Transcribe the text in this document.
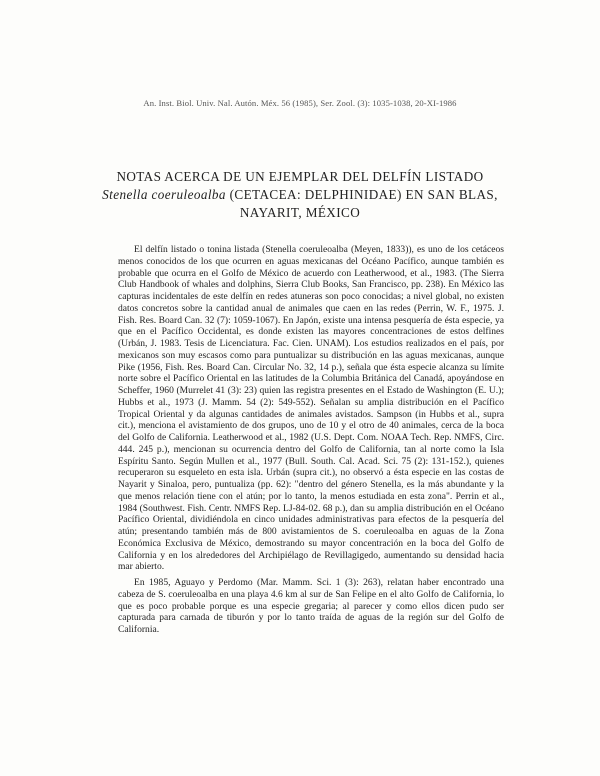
An. Inst. Biol. Univ. Nal. Autón. Méx. 56 (1985), Ser. Zool. (3): 1035-1038, 20-XI-1986
NOTAS ACERCA DE UN EJEMPLAR DEL DELFÍN LISTADO
Stenella coeruleoalba (CETACEA: DELPHINIDAE) EN SAN BLAS,
NAYARIT, MÉXICO

El delfín listado o tonina listada (Stenella coeruleoalba (Meyen, 1833)), es uno de los cetáceos menos conocidos de los que ocurren en aguas mexicanas del Océano Pacífico, aunque también es probable que ocurra en el Golfo de México de acuerdo con Leatherwood, et al., 1983. (The Sierra Club Handbook of whales and dolphins, Sierra Club Books, San Francisco, pp. 238). En México las capturas incidentales de este delfín en redes atuneras son poco conocidas; a nivel global, no existen datos concretos sobre la cantidad anual de animales que caen en las redes (Perrin, W. F., 1975. J. Fish. Res. Board Can. 32 (7): 1059-1067). En Japón, existe una intensa pesquería de ésta especie, ya que en el Pacífico Occidental, es donde existen las mayores concentraciones de estos delfines (Urbán, J. 1983. Tesis de Licenciatura. Fac. Cien. UNAM). Los estudios realizados en el país, por mexicanos son muy escasos como para puntualizar su distribución en las aguas mexicanas, aunque Pike (1956, Fish. Res. Board Can. Circular No. 32, 14 p.), señala que ésta especie alcanza su límite norte sobre el Pacífico Oriental en las latitudes de la Columbia Británica del Canadá, apoyándose en Scheffer, 1960 (Murrelet 41 (3): 23) quien las registra presentes en el Estado de Washington (E. U.); Hubbs et al., 1973 (J. Mamm. 54 (2): 549-552). Señalan su amplia distribución en el Pacífico Tropical Oriental y da algunas cantidades de animales avistados. Sampson (in Hubbs et al., supra cit.), menciona el avistamiento de dos grupos, uno de 10 y el otro de 40 animales, cerca de la boca del Golfo de California. Leatherwood et al., 1982 (U.S. Dept. Com. NOAA Tech. Rep. NMFS, Circ. 444. 245 p.), mencionan su ocurrencia dentro del Golfo de California, tan al norte como la Isla Espíritu Santo. Según Mullen et al., 1977 (Bull. South. Cal. Acad. Sci. 75 (2): 131-152.), quienes recuperaron su esqueleto en esta isla. Urbán (supra cit.), no observó a ésta especie en las costas de Nayarit y Sinaloa, pero, puntualiza (pp. 62): "dentro del género Stenella, es la más abundante y la que menos relación tiene con el atún; por lo tanto, la menos estudiada en esta zona". Perrin et al., 1984 (Southwest. Fish. Centr. NMFS Rep. LJ-84-02. 68 p.), dan su amplia distribución en el Océano Pacífico Oriental, dividiéndola en cinco unidades administrativas para efectos de la pesquería del atún; presentando también más de 800 avistamientos de S. coeruleoalba en aguas de la Zona Económica Exclusiva de México, demostrando su mayor concentración en la boca del Golfo de California y en los alrededores del Archipiélago de Revillagigedo, aumentando su densidad hacia mar abierto.

En 1985, Aguayo y Perdomo (Mar. Mamm. Sci. 1 (3): 263), relatan haber encontrado una cabeza de S. coeruleoalba en una playa 4.6 km al sur de San Felipe en el alto Golfo de California, lo que es poco probable porque es una especie gregaria; al parecer y como ellos dicen pudo ser capturada para carnada de tiburón y por lo tanto traída de aguas de la región sur del Golfo de California.
